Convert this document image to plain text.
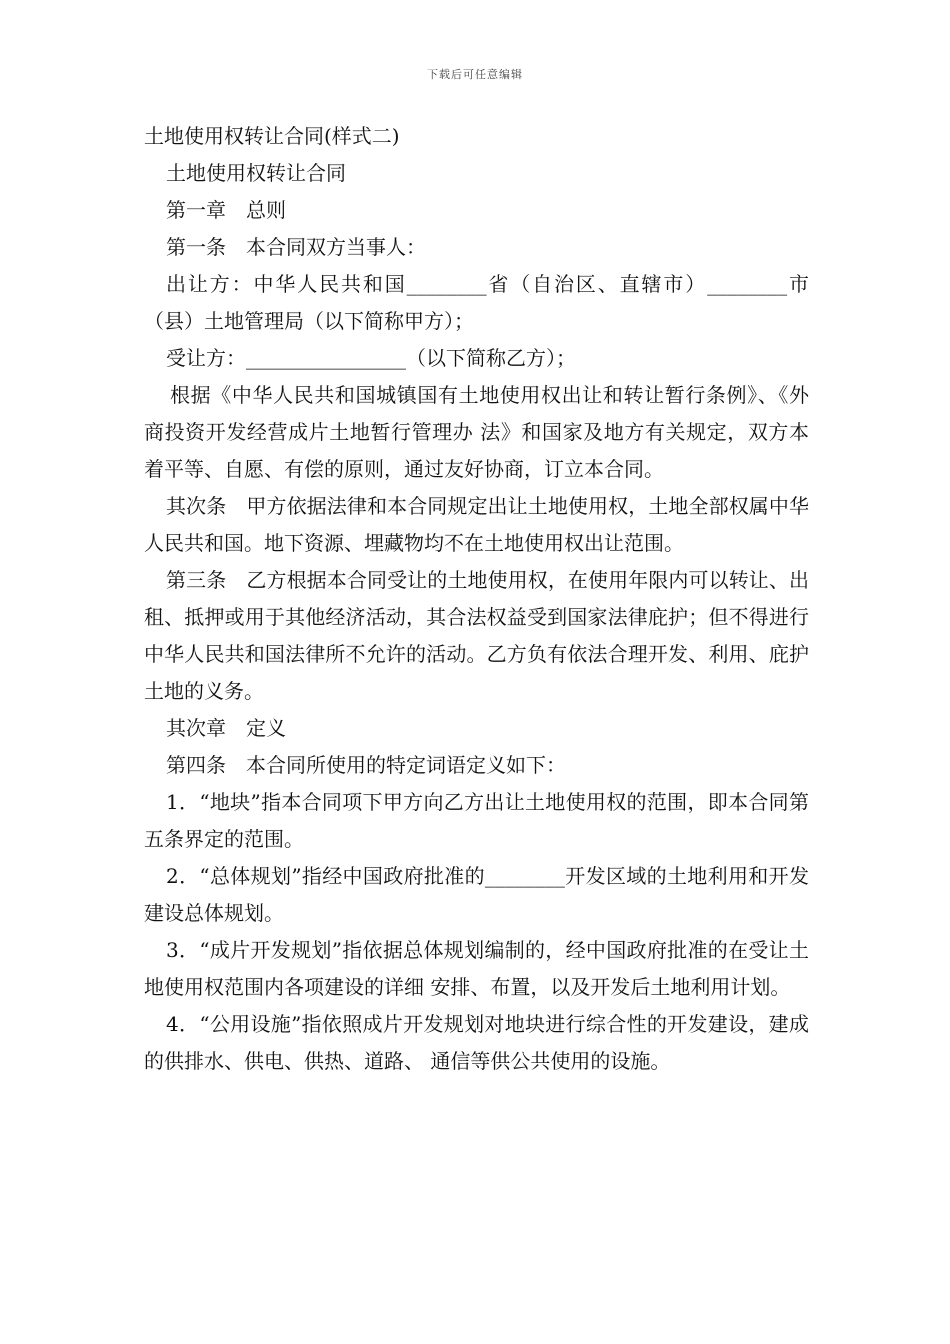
下载后可任意编辑

土地使用权转让合同(样式二)

土地使用权转让合同

第一章　总则

第一条　本合同双方当事人：

出让方：中华人民共和国________省（自治区、直辖市）________市（县）土地管理局（以下简称甲方）；

受让方：________________（以下简称乙方）；

根据《中华人民共和国城镇国有土地使用权出让和转让暂行条例》、《外商投资开发经营成片土地暂行管理办 法》和国家及地方有关规定，双方本着平等、自愿、有偿的原则，通过友好协商，订立本合同。

其次条　甲方依据法律和本合同规定出让土地使用权，土地全部权属中华人民共和国。地下资源、埋藏物均不在土地使用权出让范围。

第三条　乙方根据本合同受让的土地使用权，在使用年限内可以转让、出租、抵押或用于其他经济活动，其合法权益受到国家法律庇护；但不得进行中华人民共和国法律所不允许的活动。乙方负有依法合理开发、利用、庇护土地的义务。

其次章　定义

第四条　本合同所使用的特定词语定义如下：

1．“地块”指本合同项下甲方向乙方出让土地使用权的范围，即本合同第五条界定的范围。

2．“总体规划”指经中国政府批准的________开发区域的土地利用和开发建设总体规划。

3．“成片开发规划”指依据总体规划编制的，经中国政府批准的在受让土地使用权范围内各项建设的详细 安排、布置，以及开发后土地利用计划。

4．“公用设施”指依照成片开发规划对地块进行综合性的开发建设，建成的供排水、供电、供热、道路、 通信等供公共使用的设施。
